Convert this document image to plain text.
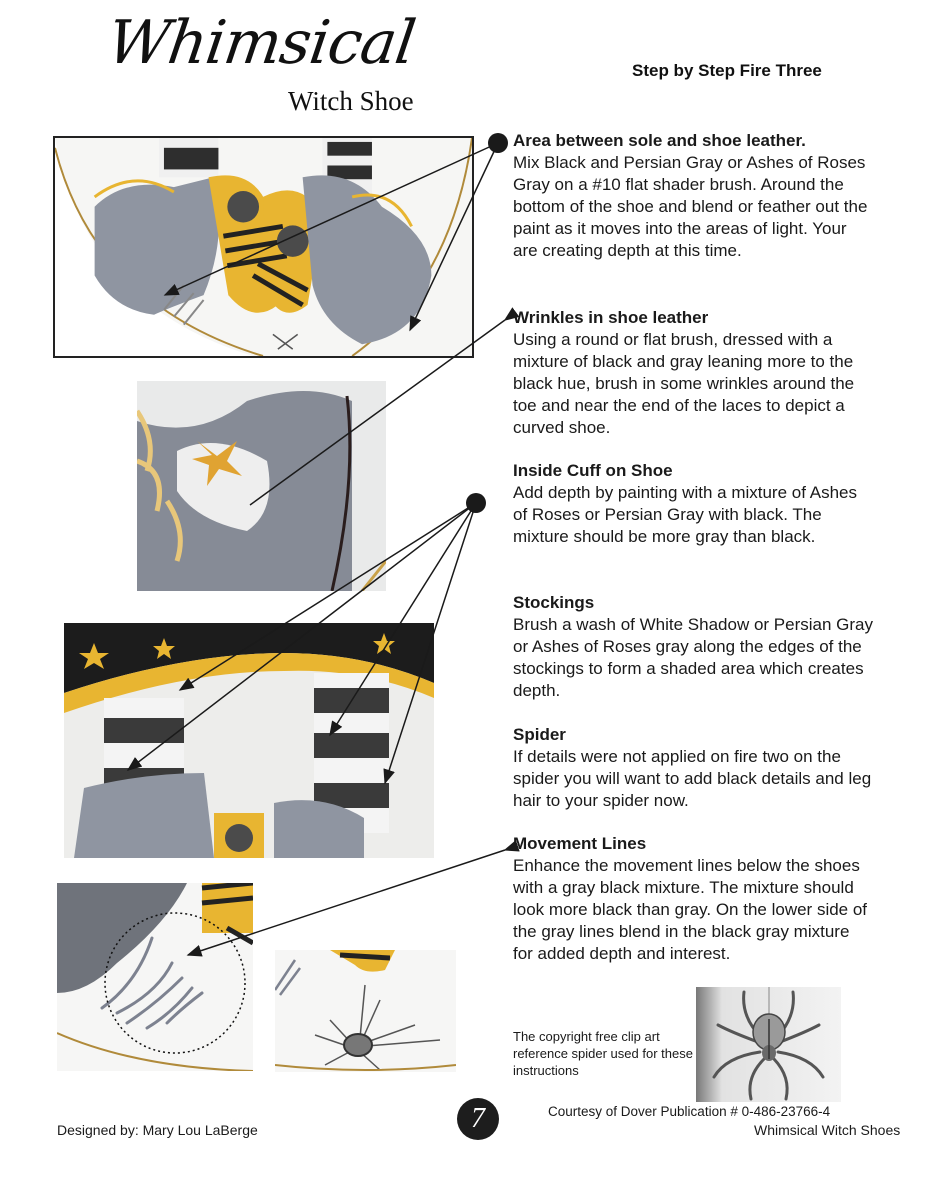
Whimsical
Witch Shoe
Step by Step Fire Three
Area between sole and shoe leather.
Mix Black and Persian Gray or Ashes of Roses Gray on a #10 flat shader brush. Around the bottom of the shoe and blend or feather out the paint as it moves into the areas of light. Your are creating depth at this time.
Wrinkles in shoe leather
Using a round or flat brush, dressed with a mixture of black and gray leaning more to the black hue, brush in some wrinkles around the toe and near the end of the laces to depict a curved shoe.
Inside Cuff on Shoe
Add depth by painting with a mixture of Ashes of Roses or Persian Gray with black. The mixture should be more gray than black.
Stockings
Brush a wash of White Shadow or Persian Gray or Ashes of Roses gray along the edges of the stockings to form a shaded area which creates depth.
Spider
If details were not applied on fire two on the spider you will want to add black details and leg hair to your spider now.
Movement Lines
Enhance the movement lines below the shoes with a gray black mixture. The mixture should look more black than gray. On the lower side of the gray lines blend in the black gray mixture for added depth and interest.
The copyright free clip art reference spider used for these instructions
Courtesy of Dover Publication # 0-486-23766-4
Designed by: Mary Lou LaBerge	7	Whimsical Witch Shoes
